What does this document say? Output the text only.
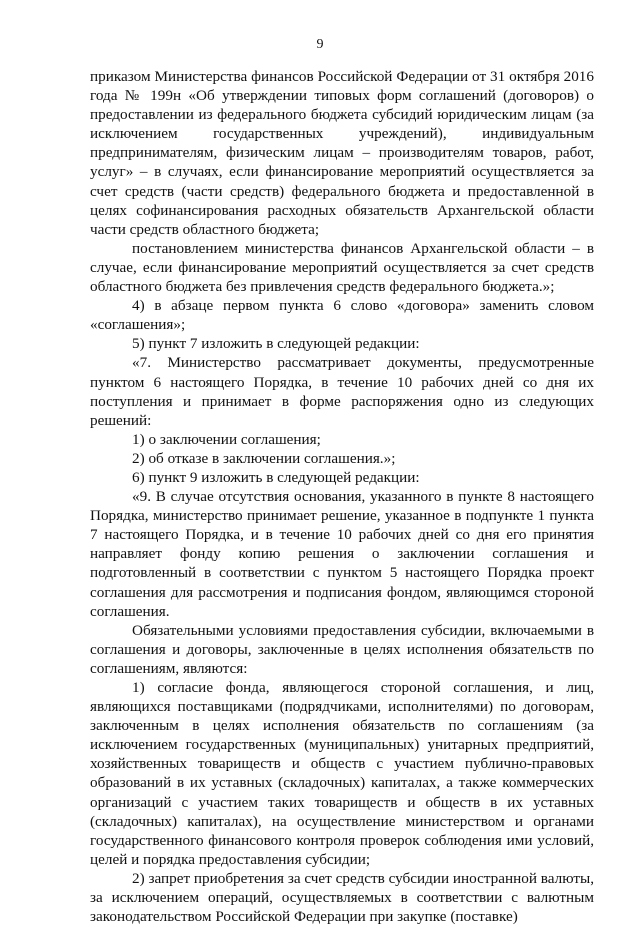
9

приказом Министерства финансов Российской Федерации от 31 октября 2016 года № 199н «Об утверждении типовых форм соглашений (договоров) о предоставлении из федерального бюджета субсидий юридическим лицам (за исключением государственных учреждений), индивидуальным предпринимателям, физическим лицам – производителям товаров, работ, услуг» – в случаях, если финансирование мероприятий осуществляется за счет средств (части средств) федерального бюджета и предоставленной в целях софинансирования расходных обязательств Архангельской области части средств областного бюджета;

постановлением министерства финансов Архангельской области – в случае, если финансирование мероприятий осуществляется за счет средств областного бюджета без привлечения средств федерального бюджета.»;

4) в абзаце первом пункта 6 слово «договора» заменить словом «соглашения»;

5) пункт 7 изложить в следующей редакции:

«7. Министерство рассматривает документы, предусмотренные пунктом 6 настоящего Порядка, в течение 10 рабочих дней со дня их поступления и принимает в форме распоряжения одно из следующих решений:

1) о заключении соглашения;

2) об отказе в заключении соглашения.»;

6) пункт 9 изложить в следующей редакции:

«9. В случае отсутствия основания, указанного в пункте 8 настоящего Порядка, министерство принимает решение, указанное в подпункте 1 пункта 7 настоящего Порядка, и в течение 10 рабочих дней со дня его принятия направляет фонду копию решения о заключении соглашения и подготовленный в соответствии с пунктом 5 настоящего Порядка проект соглашения для рассмотрения и подписания фондом, являющимся стороной соглашения.

Обязательными условиями предоставления субсидии, включаемыми в соглашения и договоры, заключенные в целях исполнения обязательств по соглашениям, являются:

1) согласие фонда, являющегося стороной соглашения, и лиц, являющихся поставщиками (подрядчиками, исполнителями) по договорам, заключенным в целях исполнения обязательств по соглашениям (за исключением государственных (муниципальных) унитарных предприятий, хозяйственных товариществ и обществ с участием публично-правовых образований в их уставных (складочных) капиталах, а также коммерческих организаций с участием таких товариществ и обществ в их уставных (складочных) капиталах), на осуществление министерством и органами государственного финансового контроля проверок соблюдения ими условий, целей и порядка предоставления субсидии;

2) запрет приобретения за счет средств субсидии иностранной валюты, за исключением операций, осуществляемых в соответствии с валютным законодательством Российской Федерации при закупке (поставке)
